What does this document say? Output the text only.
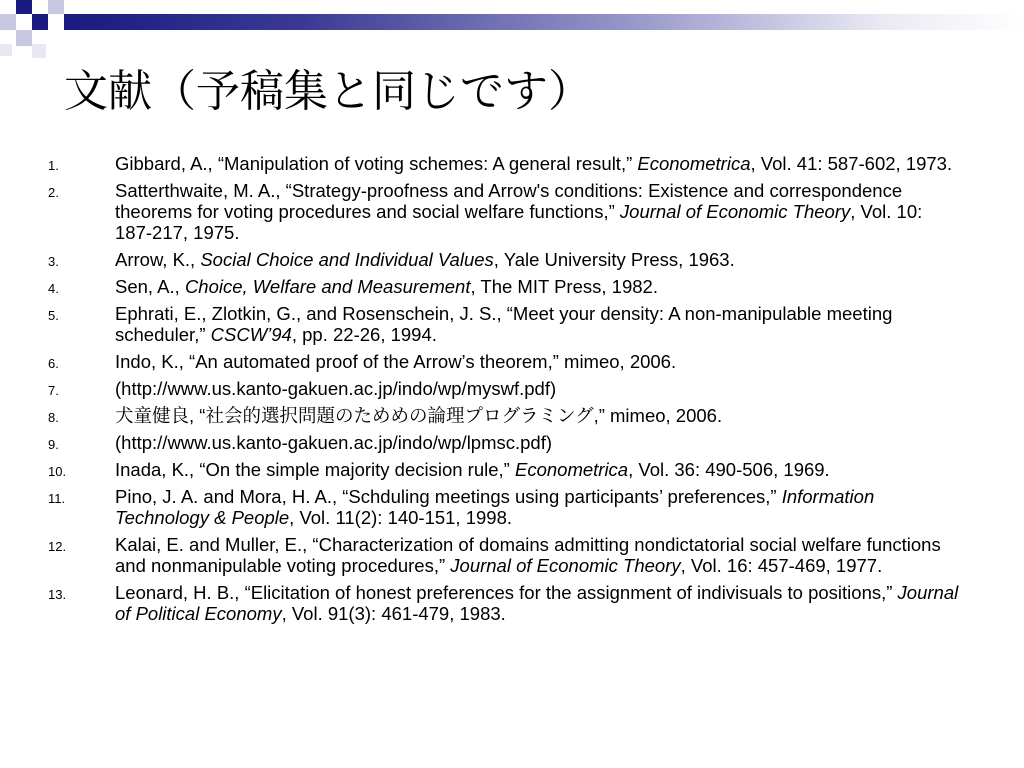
文献（予稿集と同じです）
1.	Gibbard, A., “Manipulation of voting schemes: A general result,” Econometrica, Vol. 41: 587-602, 1973.
2.	Satterthwaite, M. A., “Strategy-proofness and Arrow's conditions: Existence and correspondence theorems for voting procedures and social welfare functions,” Journal of Economic Theory, Vol. 10: 187-217, 1975.
3.	Arrow, K., Social Choice and Individual Values, Yale University Press, 1963.
4.	Sen, A., Choice, Welfare and Measurement, The MIT Press, 1982.
5.	Ephrati, E., Zlotkin, G., and Rosenschein, J. S., “Meet your density: A non-manipulable meeting scheduler,” CSCW’94, pp. 22-26, 1994.
6.	Indo, K., “An automated proof of the Arrow’s theorem,” mimeo, 2006.
7.	(http://www.us.kanto-gakuen.ac.jp/indo/wp/myswf.pdf)
8.	犬童健良, “社会的選択問題のためめの論理プログラミング,” mimeo, 2006.
9.	(http://www.us.kanto-gakuen.ac.jp/indo/wp/lpmsc.pdf)
10.	Inada, K., “On the simple majority decision rule,” Econometrica, Vol. 36: 490-506, 1969.
11.	Pino, J. A. and Mora, H. A., “Schduling meetings using participants’ preferences,” Information Technology & People, Vol. 11(2): 140-151, 1998.
12.	Kalai, E. and Muller, E., “Characterization of domains admitting nondictatorial social welfare functions and nonmanipulable voting procedures,” Journal of Economic Theory, Vol. 16: 457-469, 1977.
13.	Leonard, H. B., “Elicitation of honest preferences for the assignment of indivisuals to positions,” Journal of Political Economy, Vol. 91(3): 461-479, 1983.
